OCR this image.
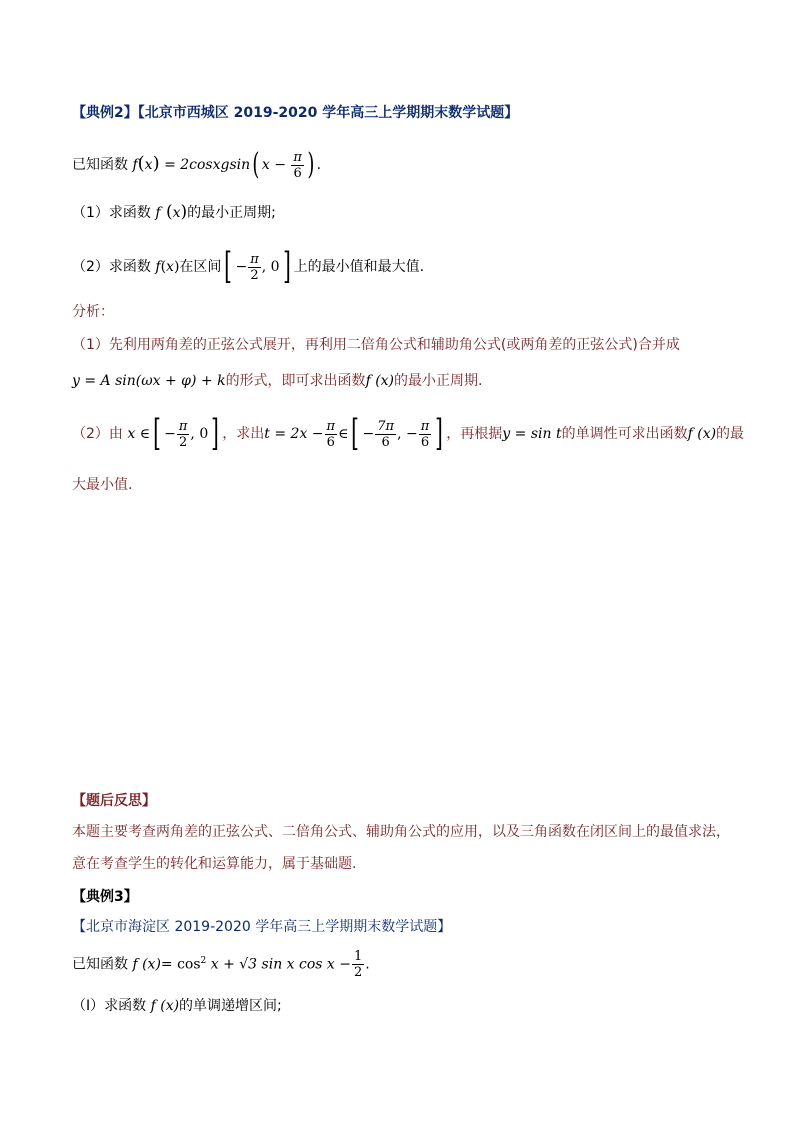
【典例2】【北京市西城区 2019-2020 学年高三上学期期末数学试题】
已知函数 f(x) = 2cosxgsin( $x - \frac{\pi}{6}$ ) .
（1）求函数 f (x)的最小正周期;
（2）求函数 f(x)在区间[ − $\frac{\pi}{2}$ , 0] 上的最小值和最大值.
分析：
（1）先利用两角差的正弦公式展开，再利用二倍角公式和辅助角公式(或两角差的正弦公式)合并成
y = A sin(ωx + φ) + k的形式，即可求出函数f (x)的最小正周期.
（2）由 x ∈[ − $\frac{\pi}{2}$ , 0] ，求出$t = 2x - \frac{\pi}{6}$ ∈[ − $\frac{7\pi}{6}$ , − $\frac{\pi}{6}$ ] ，再根据y = sin t的单调性可求出函数f (x)的最
大最小值.
【题后反思】
本题主要考查两角差的正弦公式、二倍角公式、辅助角公式的应用，以及三角函数在闭区间上的最值求法，
意在考查学生的转化和运算能力，属于基础题.
【典例3】
【北京市海淀区 2019-2020 学年高三上学期期末数学试题】
已知函数 f $(x)= \cos^2 x + √3$ sin x $\cos x - \frac{1}{2}$ .
（Ⅰ）求函数 f (x)的单调递增区间;
